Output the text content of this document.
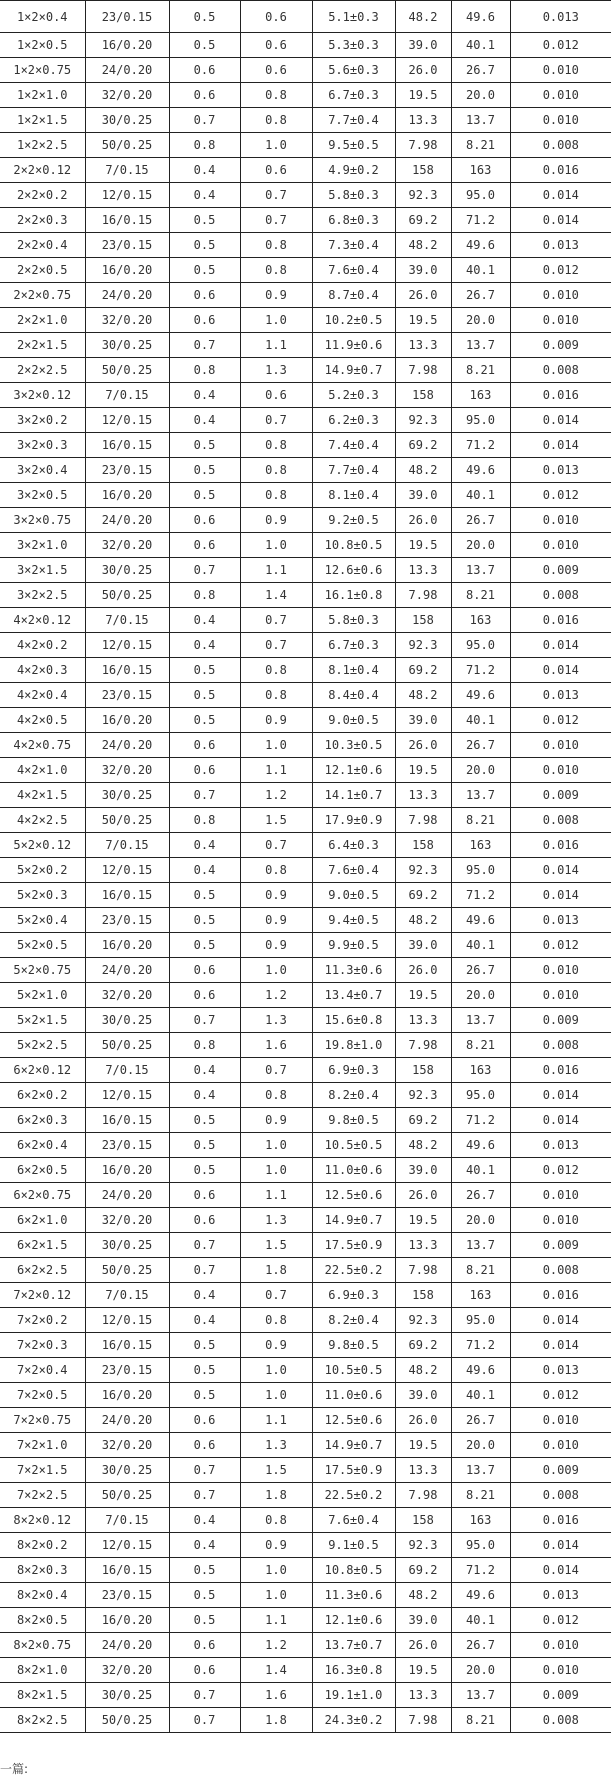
1×2×0.4	23/0.15	0.5	0.6	5.1±0.3	48.2	49.6	0.013
1×2×0.5	16/0.20	0.5	0.6	5.3±0.3	39.0	40.1	0.012
1×2×0.75	24/0.20	0.6	0.6	5.6±0.3	26.0	26.7	0.010
1×2×1.0	32/0.20	0.6	0.8	6.7±0.3	19.5	20.0	0.010
1×2×1.5	30/0.25	0.7	0.8	7.7±0.4	13.3	13.7	0.010
1×2×2.5	50/0.25	0.8	1.0	9.5±0.5	7.98	8.21	0.008
2×2×0.12	7/0.15	0.4	0.6	4.9±0.2	158	163	0.016
2×2×0.2	12/0.15	0.4	0.7	5.8±0.3	92.3	95.0	0.014
2×2×0.3	16/0.15	0.5	0.7	6.8±0.3	69.2	71.2	0.014
2×2×0.4	23/0.15	0.5	0.8	7.3±0.4	48.2	49.6	0.013
2×2×0.5	16/0.20	0.5	0.8	7.6±0.4	39.0	40.1	0.012
2×2×0.75	24/0.20	0.6	0.9	8.7±0.4	26.0	26.7	0.010
2×2×1.0	32/0.20	0.6	1.0	10.2±0.5	19.5	20.0	0.010
2×2×1.5	30/0.25	0.7	1.1	11.9±0.6	13.3	13.7	0.009
2×2×2.5	50/0.25	0.8	1.3	14.9±0.7	7.98	8.21	0.008
3×2×0.12	7/0.15	0.4	0.6	5.2±0.3	158	163	0.016
3×2×0.2	12/0.15	0.4	0.7	6.2±0.3	92.3	95.0	0.014
3×2×0.3	16/0.15	0.5	0.8	7.4±0.4	69.2	71.2	0.014
3×2×0.4	23/0.15	0.5	0.8	7.7±0.4	48.2	49.6	0.013
3×2×0.5	16/0.20	0.5	0.8	8.1±0.4	39.0	40.1	0.012
3×2×0.75	24/0.20	0.6	0.9	9.2±0.5	26.0	26.7	0.010
3×2×1.0	32/0.20	0.6	1.0	10.8±0.5	19.5	20.0	0.010
3×2×1.5	30/0.25	0.7	1.1	12.6±0.6	13.3	13.7	0.009
3×2×2.5	50/0.25	0.8	1.4	16.1±0.8	7.98	8.21	0.008
4×2×0.12	7/0.15	0.4	0.7	5.8±0.3	158	163	0.016
4×2×0.2	12/0.15	0.4	0.7	6.7±0.3	92.3	95.0	0.014
4×2×0.3	16/0.15	0.5	0.8	8.1±0.4	69.2	71.2	0.014
4×2×0.4	23/0.15	0.5	0.8	8.4±0.4	48.2	49.6	0.013
4×2×0.5	16/0.20	0.5	0.9	9.0±0.5	39.0	40.1	0.012
4×2×0.75	24/0.20	0.6	1.0	10.3±0.5	26.0	26.7	0.010
4×2×1.0	32/0.20	0.6	1.1	12.1±0.6	19.5	20.0	0.010
4×2×1.5	30/0.25	0.7	1.2	14.1±0.7	13.3	13.7	0.009
4×2×2.5	50/0.25	0.8	1.5	17.9±0.9	7.98	8.21	0.008
5×2×0.12	7/0.15	0.4	0.7	6.4±0.3	158	163	0.016
5×2×0.2	12/0.15	0.4	0.8	7.6±0.4	92.3	95.0	0.014
5×2×0.3	16/0.15	0.5	0.9	9.0±0.5	69.2	71.2	0.014
5×2×0.4	23/0.15	0.5	0.9	9.4±0.5	48.2	49.6	0.013
5×2×0.5	16/0.20	0.5	0.9	9.9±0.5	39.0	40.1	0.012
5×2×0.75	24/0.20	0.6	1.0	11.3±0.6	26.0	26.7	0.010
5×2×1.0	32/0.20	0.6	1.2	13.4±0.7	19.5	20.0	0.010
5×2×1.5	30/0.25	0.7	1.3	15.6±0.8	13.3	13.7	0.009
5×2×2.5	50/0.25	0.8	1.6	19.8±1.0	7.98	8.21	0.008
6×2×0.12	7/0.15	0.4	0.7	6.9±0.3	158	163	0.016
6×2×0.2	12/0.15	0.4	0.8	8.2±0.4	92.3	95.0	0.014
6×2×0.3	16/0.15	0.5	0.9	9.8±0.5	69.2	71.2	0.014
6×2×0.4	23/0.15	0.5	1.0	10.5±0.5	48.2	49.6	0.013
6×2×0.5	16/0.20	0.5	1.0	11.0±0.6	39.0	40.1	0.012
6×2×0.75	24/0.20	0.6	1.1	12.5±0.6	26.0	26.7	0.010
6×2×1.0	32/0.20	0.6	1.3	14.9±0.7	19.5	20.0	0.010
6×2×1.5	30/0.25	0.7	1.5	17.5±0.9	13.3	13.7	0.009
6×2×2.5	50/0.25	0.7	1.8	22.5±0.2	7.98	8.21	0.008
7×2×0.12	7/0.15	0.4	0.7	6.9±0.3	158	163	0.016
7×2×0.2	12/0.15	0.4	0.8	8.2±0.4	92.3	95.0	0.014
7×2×0.3	16/0.15	0.5	0.9	9.8±0.5	69.2	71.2	0.014
7×2×0.4	23/0.15	0.5	1.0	10.5±0.5	48.2	49.6	0.013
7×2×0.5	16/0.20	0.5	1.0	11.0±0.6	39.0	40.1	0.012
7×2×0.75	24/0.20	0.6	1.1	12.5±0.6	26.0	26.7	0.010
7×2×1.0	32/0.20	0.6	1.3	14.9±0.7	19.5	20.0	0.010
7×2×1.5	30/0.25	0.7	1.5	17.5±0.9	13.3	13.7	0.009
7×2×2.5	50/0.25	0.7	1.8	22.5±0.2	7.98	8.21	0.008
8×2×0.12	7/0.15	0.4	0.8	7.6±0.4	158	163	0.016
8×2×0.2	12/0.15	0.4	0.9	9.1±0.5	92.3	95.0	0.014
8×2×0.3	16/0.15	0.5	1.0	10.8±0.5	69.2	71.2	0.014
8×2×0.4	23/0.15	0.5	1.0	11.3±0.6	48.2	49.6	0.013
8×2×0.5	16/0.20	0.5	1.1	12.1±0.6	39.0	40.1	0.012
8×2×0.75	24/0.20	0.6	1.2	13.7±0.7	26.0	26.7	0.010
8×2×1.0	32/0.20	0.6	1.4	16.3±0.8	19.5	20.0	0.010
8×2×1.5	30/0.25	0.7	1.6	19.1±1.0	13.3	13.7	0.009
8×2×2.5	50/0.25	0.7	1.8	24.3±0.2	7.98	8.21	0.008
一篇:
